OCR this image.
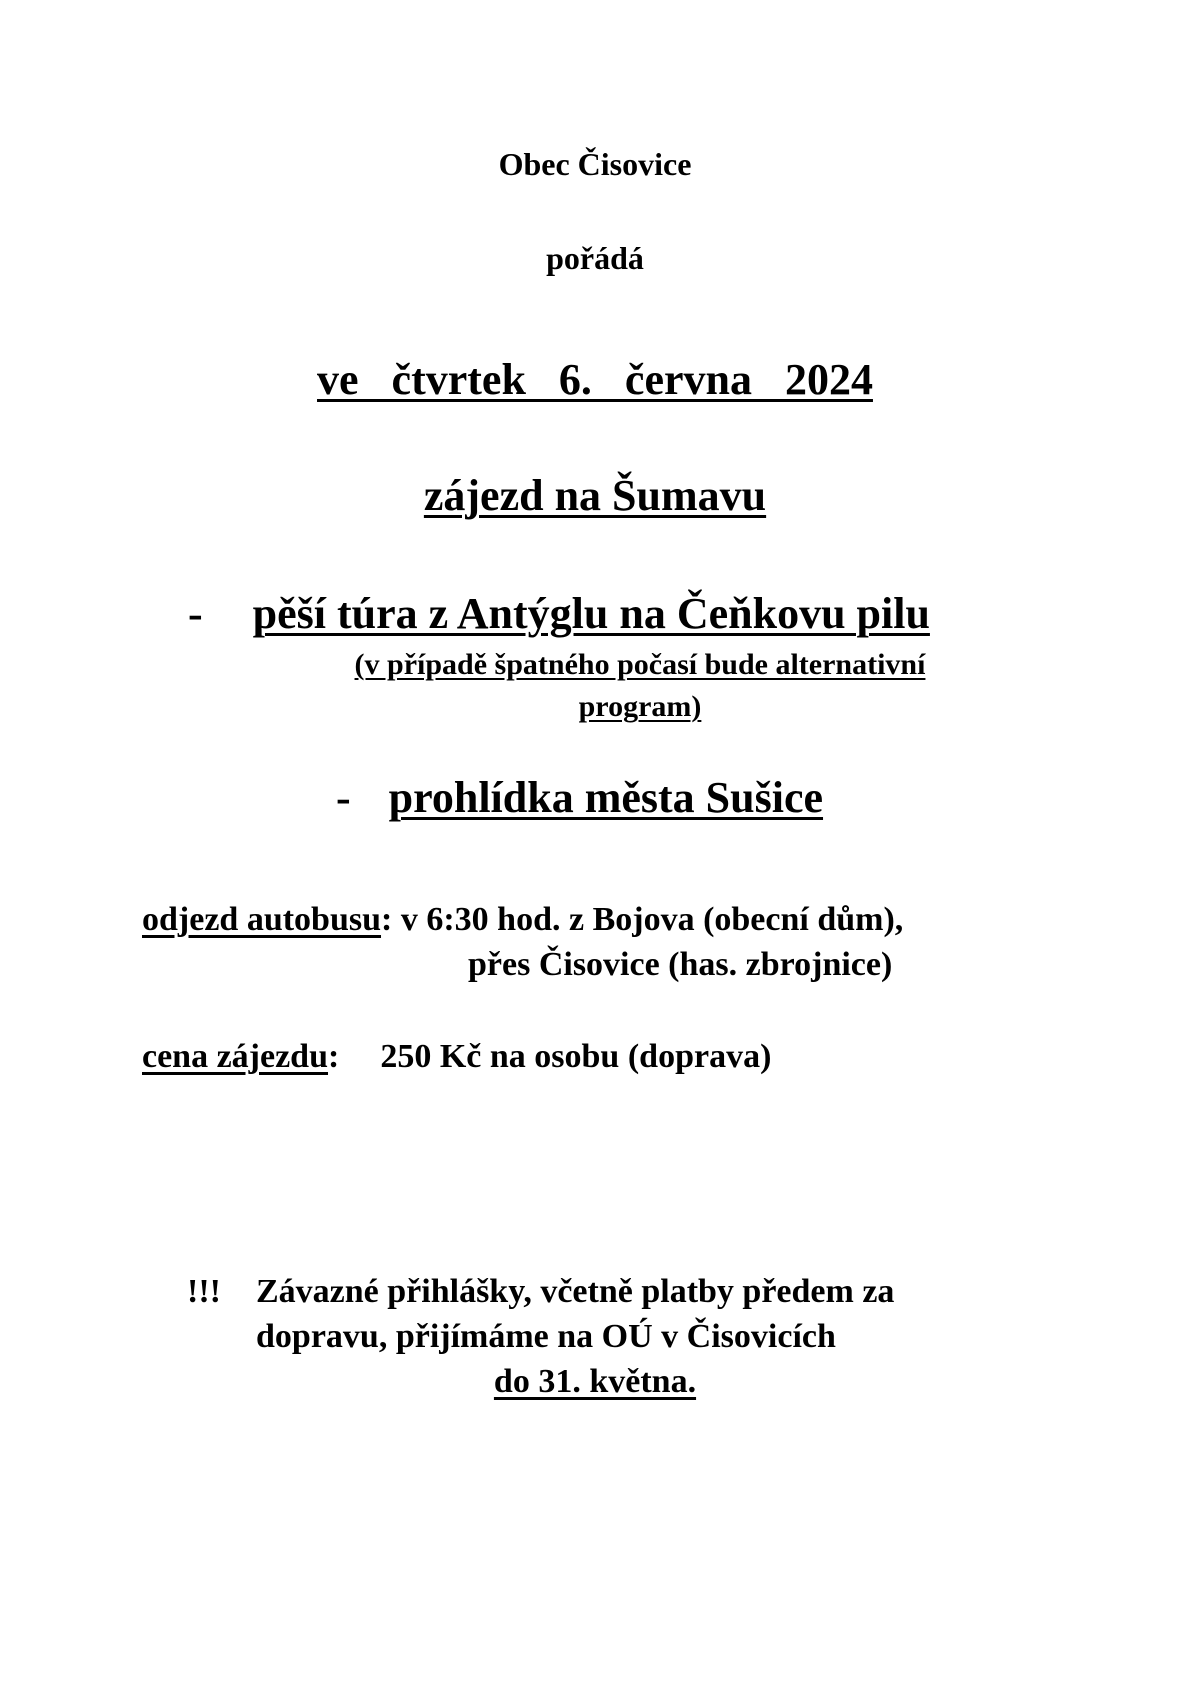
Obec Čisovice
pořádá
ve čtvrtek 6. června 2024
zájezd na Šumavu
- pěší túra z Antýglu na Čeňkovu pilu
(v případě špatného počasí bude alternativní
program)
- prohlídka města Sušice
odjezd autobusu: v 6:30 hod. z Bojova (obecní dům),
přes Čisovice (has. zbrojnice)
cena zájezdu: 250 Kč na osobu (doprava)
!!! Závazné přihlášky, včetně platby předem za
dopravu, přijímáme na OÚ v Čisovicích
do 31. května.
